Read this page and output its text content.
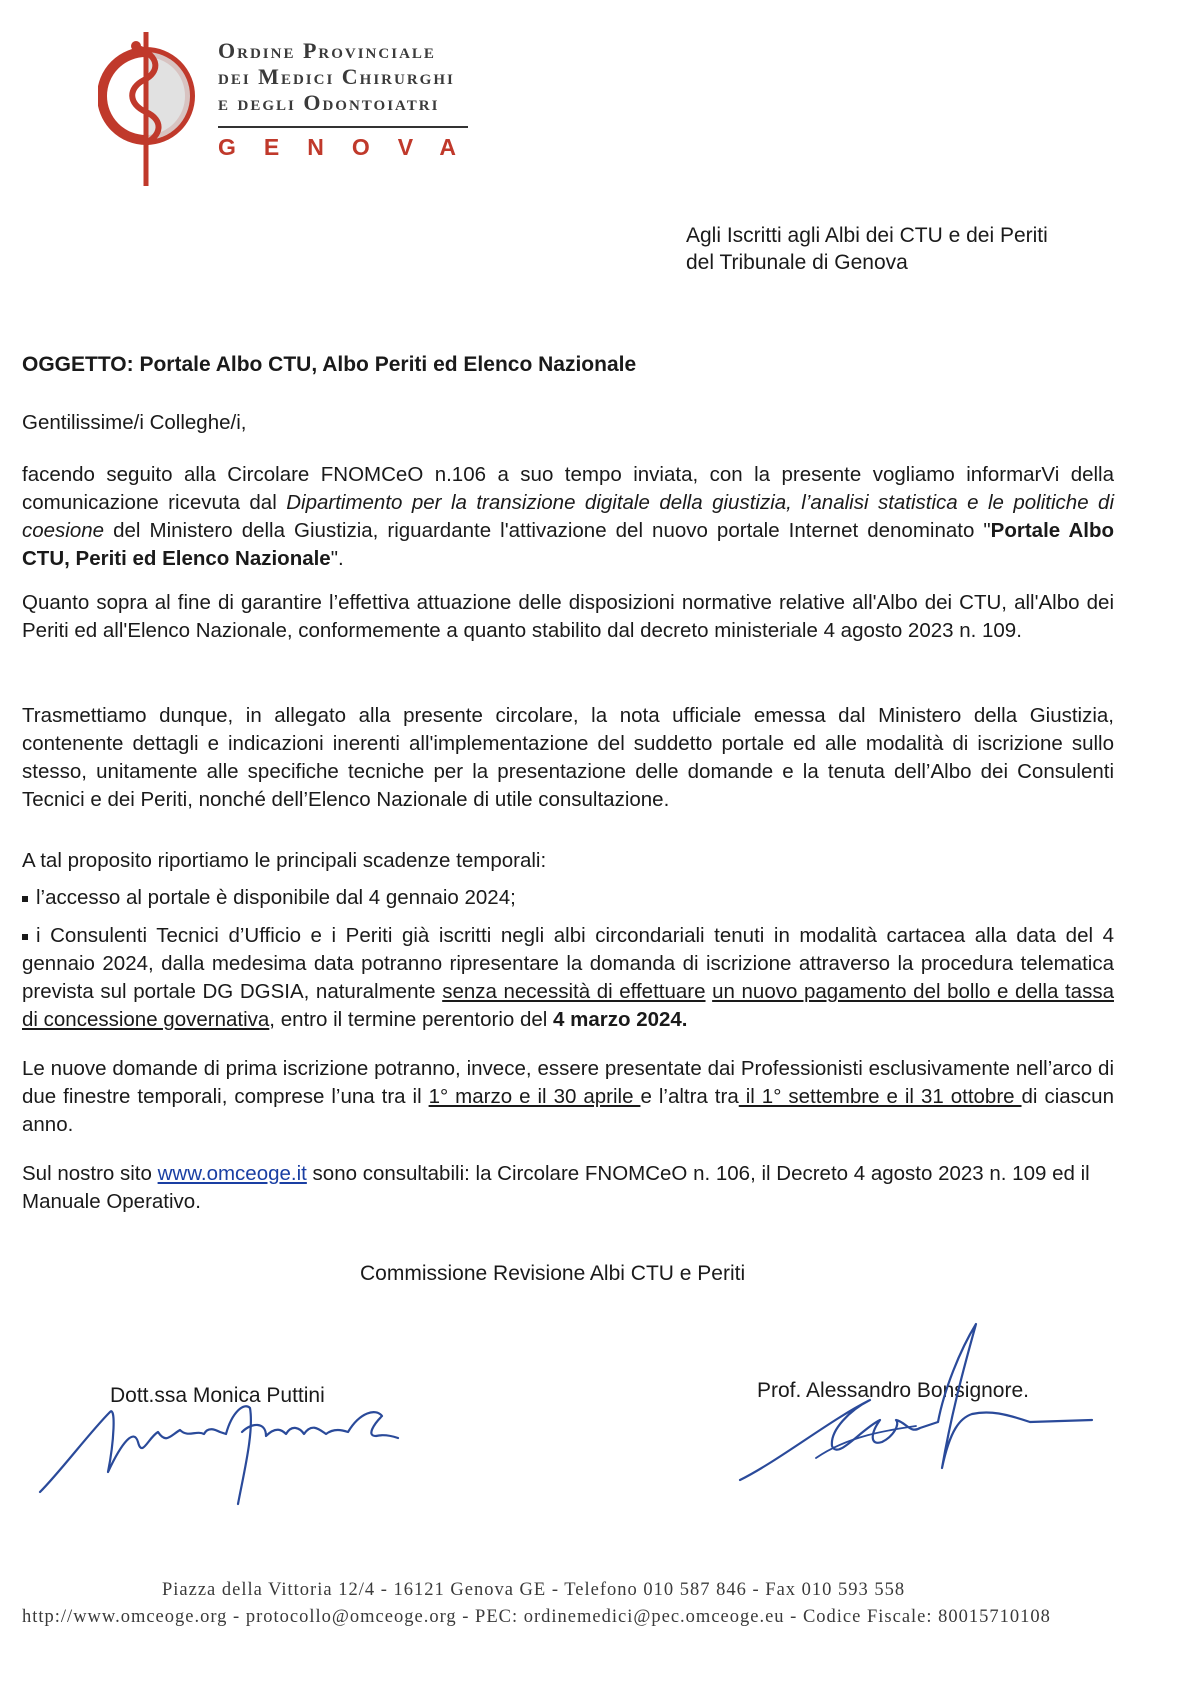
Ordine Provinciale
dei Medici Chirurghi
e degli Odontoiatri
GENOVA
Agli Iscritti agli Albi dei CTU e dei Periti
del Tribunale di Genova
OGGETTO: Portale Albo CTU, Albo Periti ed Elenco Nazionale
Gentilissime/i Colleghe/i,
facendo seguito alla Circolare FNOMCeO n.106 a suo tempo inviata, con la presente vogliamo informarVi della comunicazione ricevuta dal Dipartimento per la transizione digitale della giustizia, l’analisi statistica e le politiche di coesione del Ministero della Giustizia, riguardante l'attivazione del nuovo portale Internet denominato "Portale Albo CTU, Periti ed Elenco Nazionale".
Quanto sopra al fine di garantire l’effettiva attuazione delle disposizioni normative relative all'Albo dei CTU, all'Albo dei Periti ed all'Elenco Nazionale, conformemente a quanto stabilito dal decreto ministeriale 4 agosto 2023 n. 109.
Trasmettiamo dunque, in allegato alla presente circolare, la nota ufficiale emessa dal Ministero della Giustizia, contenente dettagli e indicazioni inerenti all'implementazione del suddetto portale ed alle modalità di iscrizione sullo stesso, unitamente alle specifiche tecniche per la presentazione delle domande e la tenuta dell’Albo dei Consulenti Tecnici e dei Periti, nonché dell’Elenco Nazionale di utile consultazione.
A tal proposito riportiamo le principali scadenze temporali:
l’accesso al portale è disponibile dal 4 gennaio 2024;
i Consulenti Tecnici d’Ufficio e i Periti già iscritti negli albi circondariali tenuti in modalità cartacea alla data del 4 gennaio 2024, dalla medesima data potranno ripresentare la domanda di iscrizione attraverso la procedura telematica prevista sul portale DG DGSIA, naturalmente senza necessità di effettuare un nuovo pagamento del bollo e della tassa di concessione governativa, entro il termine perentorio del 4 marzo 2024.
Le nuove domande di prima iscrizione potranno, invece, essere presentate dai Professionisti esclusivamente nell’arco di due finestre temporali, comprese l’una tra il 1° marzo e il 30 aprile e l’altra tra il 1° settembre e il 31 ottobre di ciascun anno.
Sul nostro sito www.omceoge.it sono consultabili: la Circolare FNOMCeO n. 106, il Decreto 4 agosto 2023 n. 109 ed il Manuale Operativo.
Commissione Revisione Albi CTU e Periti
Dott.ssa Monica Puttini	Prof. Alessandro Bonsignore.
Piazza della Vittoria 12/4 - 16121 Genova GE - Telefono 010 587 846 - Fax 010 593 558
http://www.omceoge.org - protocollo@omceoge.org - PEC: ordinemedici@pec.omceoge.eu - Codice Fiscale: 80015710108
